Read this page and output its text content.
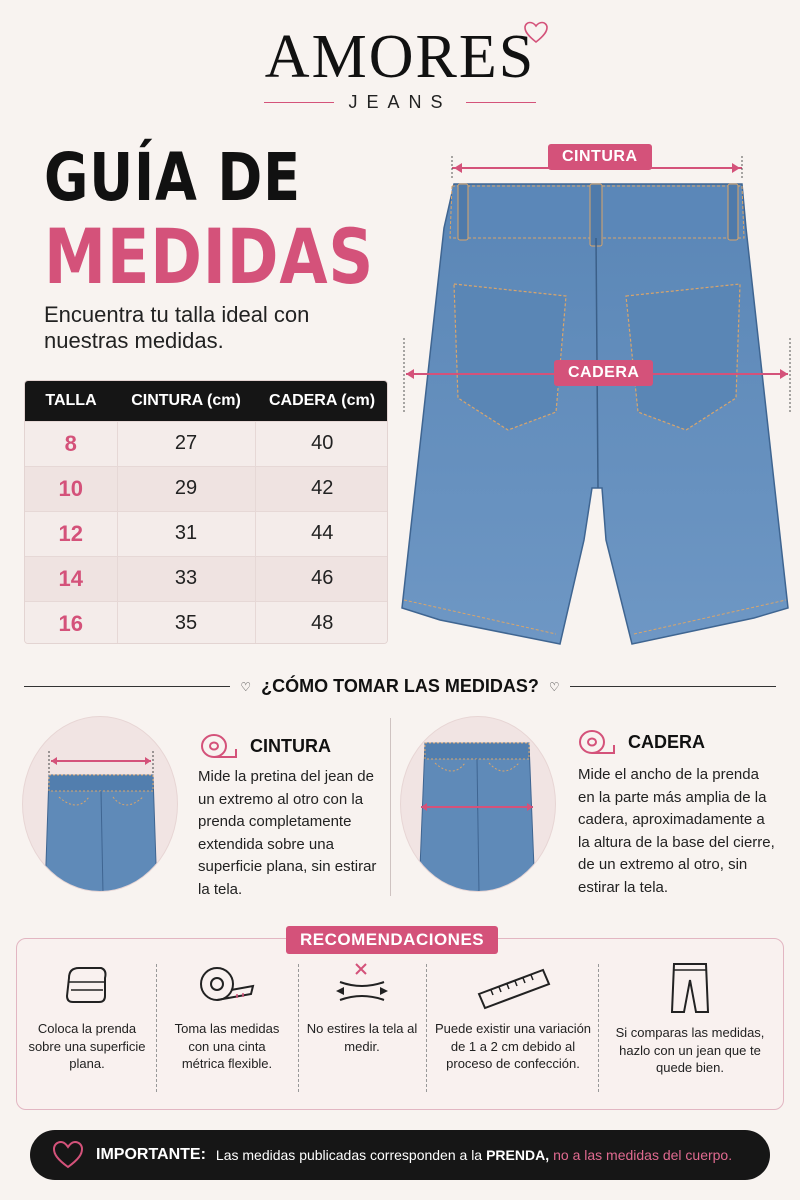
AMORES
JEANS
GUÍA DE
MEDIDAS
Encuentra tu talla ideal con nuestras medidas.
TALLA	CINTURA (cm)	CADERA (cm)
8	27	40
10	29	42
12	31	44
14	33	46
16	35	48
CINTURA
CADERA
♡ ¿CÓMO TOMAR LAS MEDIDAS? ♡
CINTURA
Mide la pretina del jean de un extremo al otro con la prenda completamente extendida sobre una superficie plana, sin estirar la tela.
CADERA
Mide el ancho de la prenda en la parte más amplia de la cadera, aproximadamente a la altura de la base del cierre, de un extremo al otro, sin estirar la tela.
RECOMENDACIONES
Coloca la prenda sobre una superficie plana.
Toma las medidas con una cinta métrica flexible.
No estires la tela al medir.
Puede existir una variación de 1 a 2 cm debido al proceso de confección.
Si comparas las medidas, hazlo con un jean que te quede bien.
IMPORTANTE: Las medidas publicadas corresponden a la PRENDA, no a las medidas del cuerpo.
